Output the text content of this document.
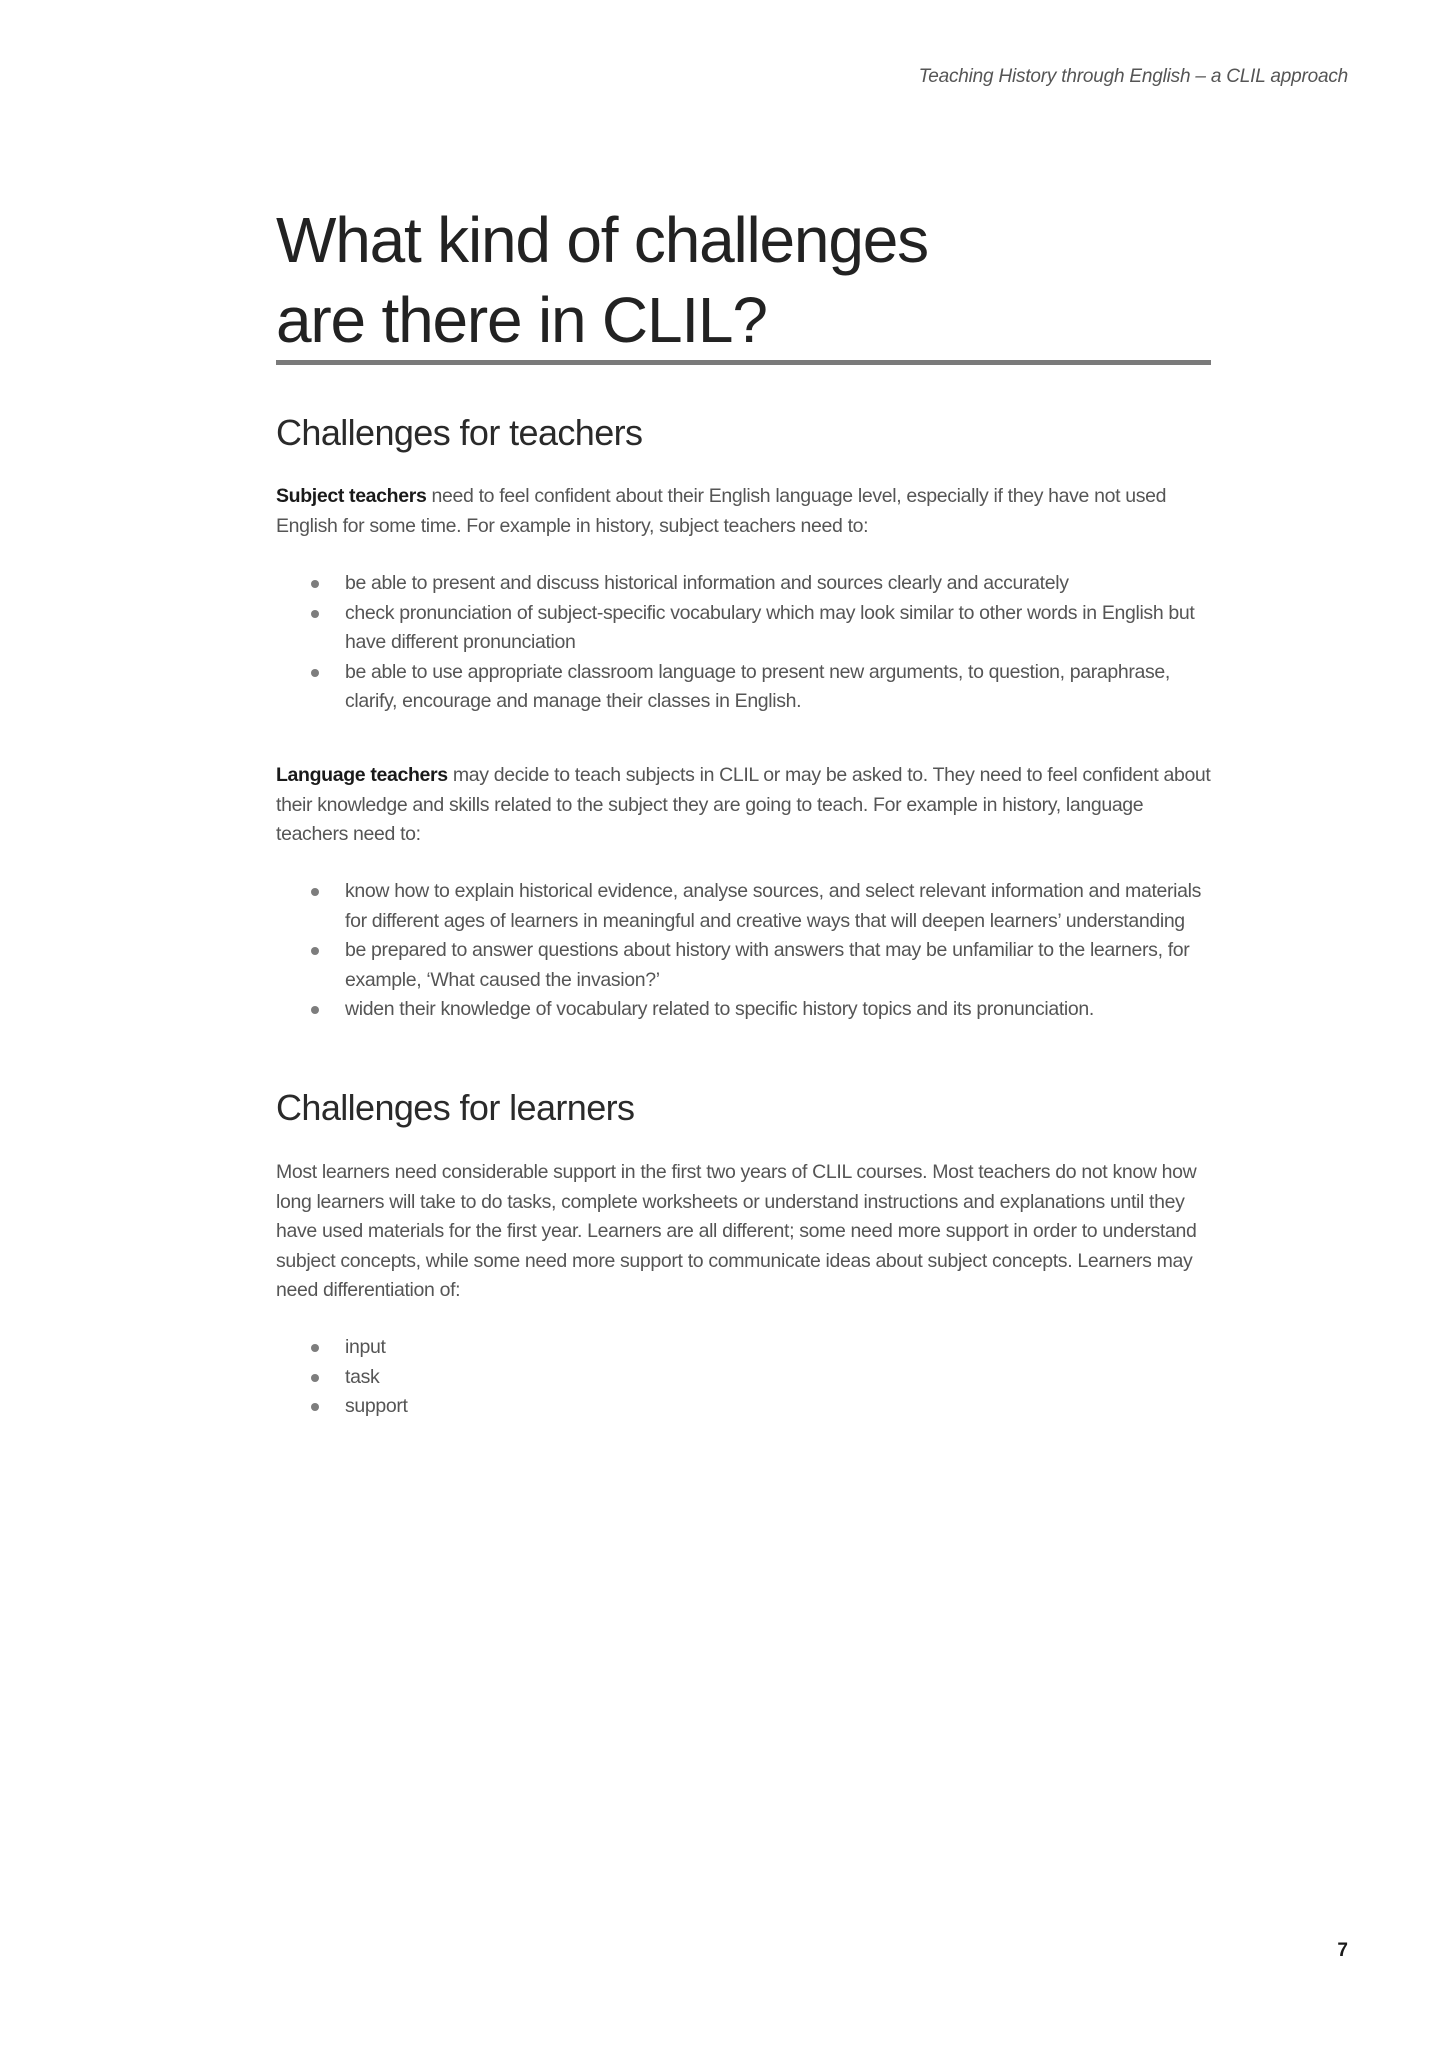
Teaching History through English – a CLIL approach
What kind of challenges
are there in CLIL?
Challenges for teachers

Subject teachers need to feel confident about their English language level, especially if they have not used English for some time. For example in history, subject teachers need to:

be able to present and discuss historical information and sources clearly and accurately
check pronunciation of subject-specific vocabulary which may look similar to other words in English but have different pronunciation
be able to use appropriate classroom language to present new arguments, to question, paraphrase, clarify, encourage and manage their classes in English.

Language teachers may decide to teach subjects in CLIL or may be asked to. They need to feel confident about their knowledge and skills related to the subject they are going to teach. For example in history, language teachers need to:

know how to explain historical evidence, analyse sources, and select relevant information and materials for different ages of learners in meaningful and creative ways that will deepen learners’ understanding
be prepared to answer questions about history with answers that may be unfamiliar to the learners, for example, ‘What caused the invasion?’
widen their knowledge of vocabulary related to specific history topics and its pronunciation.
Challenges for learners

Most learners need considerable support in the first two years of CLIL courses. Most teachers do not know how long learners will take to do tasks, complete worksheets or understand instructions and explanations until they have used materials for the first year. Learners are all different; some need more support in order to understand subject concepts, while some need more support to communicate ideas about subject concepts. Learners may need differentiation of:

input
task
support
7
